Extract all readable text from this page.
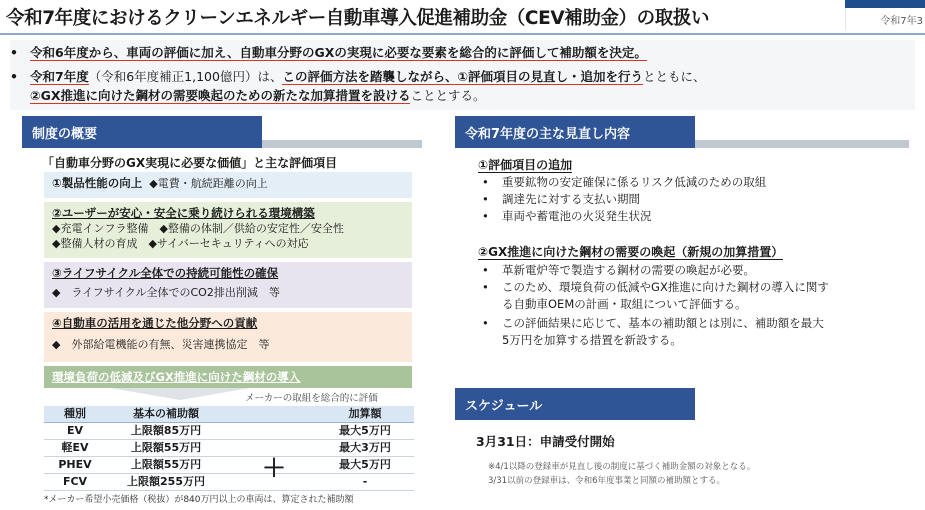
令和7年度におけるクリーンエネルギー自動車導入促進補助金（CEV補助金）の取扱い	令和7年3
• 令和6年度から、車両の評価に加え、自動車分野のGXの実現に必要な要素を総合的に評価して補助額を決定。
• 令和7年度（令和6年度補正1,100億円）は、この評価方法を踏襲しながら、①評価項目の見直し・追加を行うとともに、
②GX推進に向けた鋼材の需要喚起のための新たな加算措置を設けることとする。
制度の概要
「自動車分野のGX実現に必要な価値」と主な評価項目
①製品性能の向上 ◆電費・航続距離の向上
②ユーザーが安心・安全に乗り続けられる環境構築
◆充電インフラ整備　◆整備の体制／供給の安定性／安全性
◆整備人材の育成　◆サイバーセキュリティへの対応
③ライフサイクル全体での持続可能性の確保
◆　ライフサイクル全体でのCO2排出削減　等
④自動車の活用を通じた他分野への貢献
◆　外部給電機能の有無、災害連携協定　等
環境負荷の低減及びGX推進に向けた鋼材の導入
メーカーの取組を総合的に評価
種別	基本の補助額		加算額
EV	上限額85万円		最大5万円
軽EV	上限額55万円		最大3万円
PHEV	上限額55万円		最大5万円
FCV	上限額255万円		-
＋
*メーカー希望小売価格（税抜）が840万円以上の車両は、算定された補助額
令和7年度の主な見直し内容
①評価項目の追加
• 重要鉱物の安定確保に係るリスク低減のための取組
• 調達先に対する支払い期間
• 車両や蓄電池の火災発生状況
②GX推進に向けた鋼材の需要の喚起（新規の加算措置）
• 革新電炉等で製造する鋼材の需要の喚起が必要。
• このため、環境負荷の低減やGX推進に向けた鋼材の導入に関す
る自動車OEMの計画・取組について評価する。
• この評価結果に応じて、基本の補助額とは別に、補助額を最大
5万円を加算する措置を新設する。
スケジュール
3月31日：申請受付開始
※4/1以降の登録車が見直し後の制度に基づく補助金額の対象となる。
3/31以前の登録車は、令和6年度事業と同額の補助額とする。
